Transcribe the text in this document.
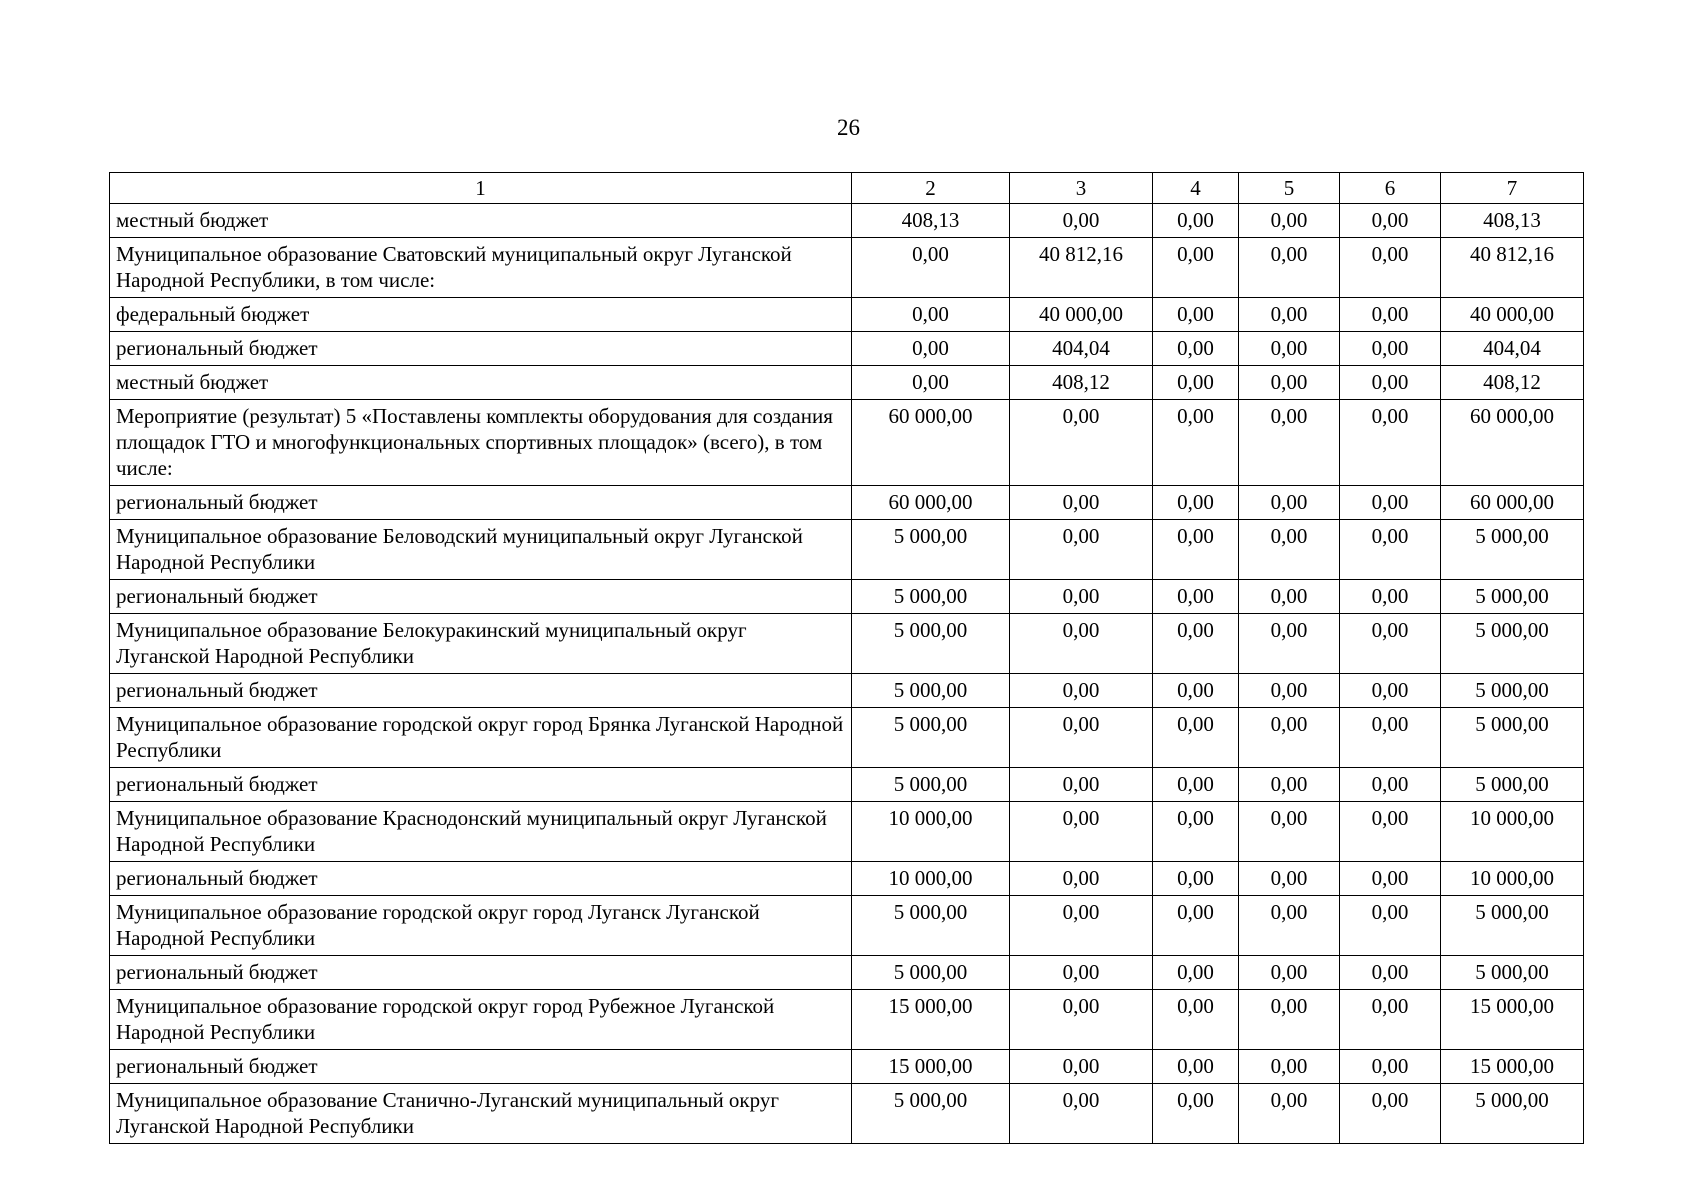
26
1	2	3	4	5	6	7
местный бюджет	408,13	0,00	0,00	0,00	0,00	408,13
Муниципальное образование Сватовский муниципальный округ Луганской Народной Республики, в том числе:	0,00	40 812,16	0,00	0,00	0,00	40 812,16
федеральный бюджет	0,00	40 000,00	0,00	0,00	0,00	40 000,00
региональный бюджет	0,00	404,04	0,00	0,00	0,00	404,04
местный бюджет	0,00	408,12	0,00	0,00	0,00	408,12
Мероприятие (результат) 5 «Поставлены комплекты оборудования для создания площадок ГТО и многофункциональных спортивных площадок» (всего), в том числе:	60 000,00	0,00	0,00	0,00	0,00	60 000,00
региональный бюджет	60 000,00	0,00	0,00	0,00	0,00	60 000,00
Муниципальное образование Беловодский муниципальный округ Луганской Народной Республики	5 000,00	0,00	0,00	0,00	0,00	5 000,00
региональный бюджет	5 000,00	0,00	0,00	0,00	0,00	5 000,00
Муниципальное образование Белокуракинский муниципальный округ Луганской Народной Республики	5 000,00	0,00	0,00	0,00	0,00	5 000,00
региональный бюджет	5 000,00	0,00	0,00	0,00	0,00	5 000,00
Муниципальное образование городской округ город Брянка Луганской Народной Республики	5 000,00	0,00	0,00	0,00	0,00	5 000,00
региональный бюджет	5 000,00	0,00	0,00	0,00	0,00	5 000,00
Муниципальное образование Краснодонский муниципальный округ Луганской Народной Республики	10 000,00	0,00	0,00	0,00	0,00	10 000,00
региональный бюджет	10 000,00	0,00	0,00	0,00	0,00	10 000,00
Муниципальное образование городской округ город Луганск Луганской Народной Республики	5 000,00	0,00	0,00	0,00	0,00	5 000,00
региональный бюджет	5 000,00	0,00	0,00	0,00	0,00	5 000,00
Муниципальное образование городской округ город Рубежное Луганской Народной Республики	15 000,00	0,00	0,00	0,00	0,00	15 000,00
региональный бюджет	15 000,00	0,00	0,00	0,00	0,00	15 000,00
Муниципальное образование Станично-Луганский муниципальный округ Луганской Народной Республики	5 000,00	0,00	0,00	0,00	0,00	5 000,00
